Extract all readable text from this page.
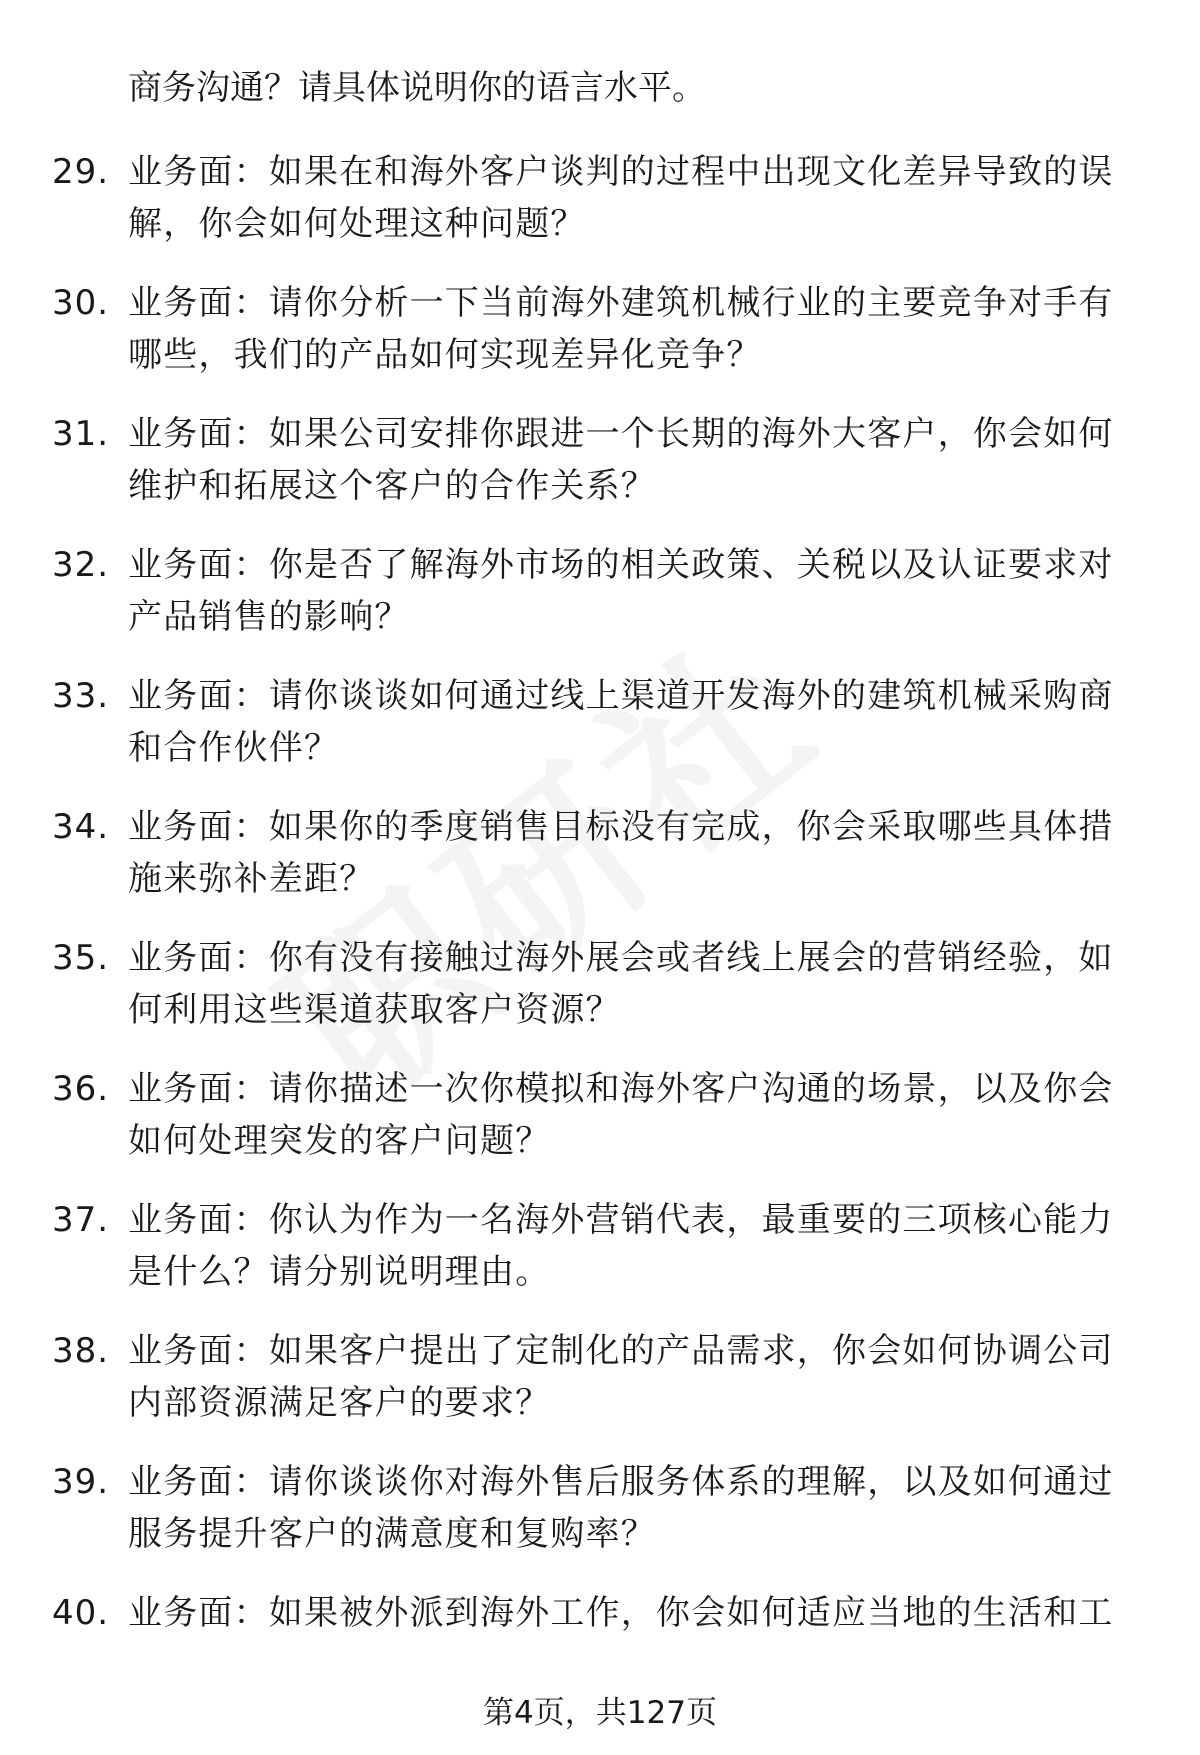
商务沟通？请具体说明你的语言水平。
29. 业务面：如果在和海外客户谈判的过程中出现文化差异导致的误解，你会如何处理这种问题？
30. 业务面：请你分析一下当前海外建筑机械行业的主要竞争对手有哪些，我们的产品如何实现差异化竞争？
31. 业务面：如果公司安排你跟进一个长期的海外大客户，你会如何维护和拓展这个客户的合作关系？
32. 业务面：你是否了解海外市场的相关政策、关税以及认证要求对产品销售的影响？
33. 业务面：请你谈谈如何通过线上渠道开发海外的建筑机械采购商和合作伙伴？
34. 业务面：如果你的季度销售目标没有完成，你会采取哪些具体措施来弥补差距？
35. 业务面：你有没有接触过海外展会或者线上展会的营销经验，如何利用这些渠道获取客户资源？
36. 业务面：请你描述一次你模拟和海外客户沟通的场景，以及你会如何处理突发的客户问题？
37. 业务面：你认为作为一名海外营销代表，最重要的三项核心能力是什么？请分别说明理由。
38. 业务面：如果客户提出了定制化的产品需求，你会如何协调公司内部资源满足客户的要求？
39. 业务面：请你谈谈你对海外售后服务体系的理解，以及如何通过服务提升客户的满意度和复购率？
40. 业务面：如果被外派到海外工作，你会如何适应当地的生活和工
第4页，共127页
